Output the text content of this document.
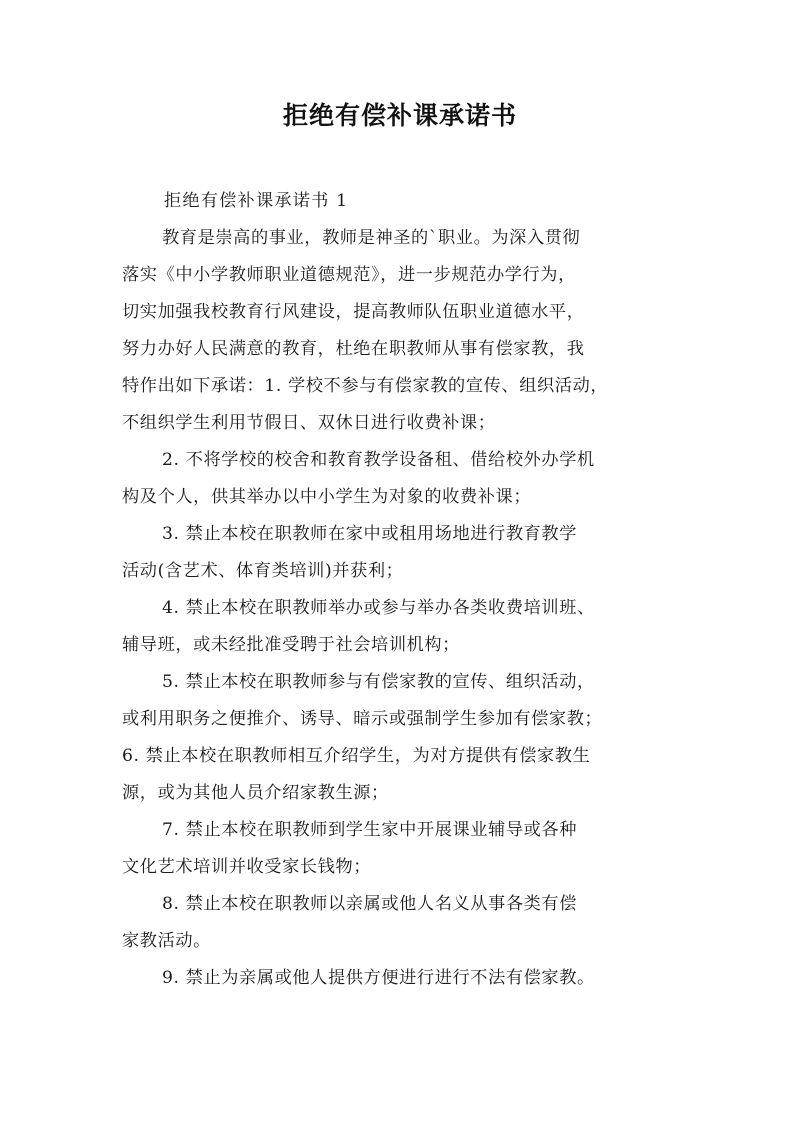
拒绝有偿补课承诺书
拒绝有偿补课承诺书 1
教育是崇高的事业，教师是神圣的`职业。为深入贯彻
落实《中小学教师职业道德规范》，进一步规范办学行为，
切实加强我校教育行风建设，提高教师队伍职业道德水平，
努力办好人民满意的教育，杜绝在职教师从事有偿家教，我
特作出如下承诺：1. 学校不参与有偿家教的宣传、组织活动，
不组织学生利用节假日、双休日进行收费补课；
2. 不将学校的校舍和教育教学设备租、借给校外办学机
构及个人，供其举办以中小学生为对象的收费补课；
3. 禁止本校在职教师在家中或租用场地进行教育教学
活动(含艺术、体育类培训)并获利；
4. 禁止本校在职教师举办或参与举办各类收费培训班、
辅导班，或未经批准受聘于社会培训机构；
5. 禁止本校在职教师参与有偿家教的宣传、组织活动，
或利用职务之便推介、诱导、暗示或强制学生参加有偿家教；
6. 禁止本校在职教师相互介绍学生，为对方提供有偿家教生
源，或为其他人员介绍家教生源；
7. 禁止本校在职教师到学生家中开展课业辅导或各种
文化艺术培训并收受家长钱物；
8. 禁止本校在职教师以亲属或他人名义从事各类有偿
家教活动。
9. 禁止为亲属或他人提供方便进行进行不法有偿家教。
